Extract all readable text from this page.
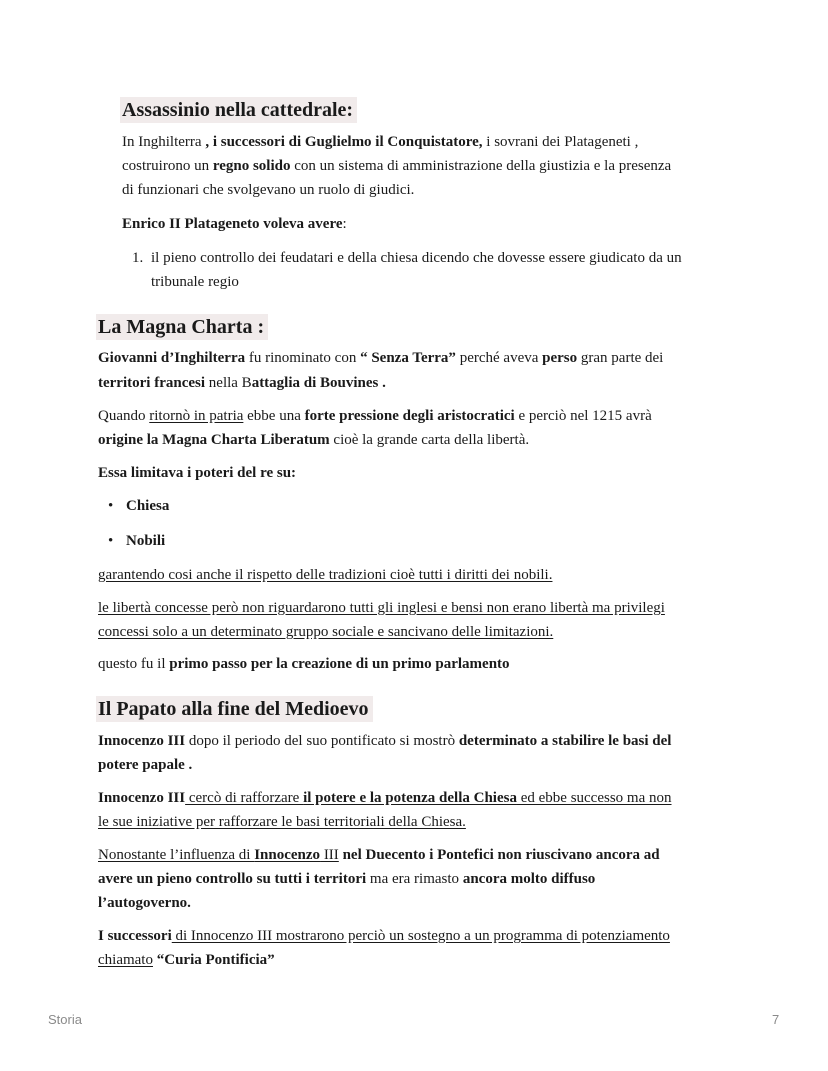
Assassinio nella cattedrale:

In Inghilterra , i successori di Guglielmo il Conquistatore, i sovrani dei Platageneti ,

costruirono un regno solido con un sistema di amministrazione della giustizia e la presenza

di funzionari che svolgevano un ruolo di giudici.

Enrico II Platageneto voleva avere:

1. il pieno controllo dei feudatari e della chiesa dicendo che dovesse essere giudicato da un

tribunale regio

La Magna Charta :

Giovanni d’Inghilterra fu rinominato con “ Senza Terra” perché aveva perso gran parte dei

territori francesi nella Battaglia di Bouvines .

Quando ritornò in patria ebbe una forte pressione degli aristocratici e perciò nel 1215 avrà

origine la Magna Charta Liberatum cioè la grande carta della libertà.

Essa limitava i poteri del re su:

• Chiesa

• Nobili

garantendo cosi anche il rispetto delle tradizioni cioè tutti i diritti dei nobili.

le libertà concesse però non riguardarono tutti gli inglesi e bensi non erano libertà ma privilegi

concessi solo a un determinato gruppo sociale e sancivano delle limitazioni.

questo fu il primo passo per la creazione di un primo parlamento

Il Papato alla fine del Medioevo

Innocenzo III dopo il periodo del suo pontificato si mostrò determinato a stabilire le basi del

potere papale .

Innocenzo III cercò di rafforzare il potere e la potenza della Chiesa ed ebbe successo ma non

le sue iniziative per rafforzare le basi territoriali della Chiesa.

Nonostante l’influenza di Innocenzo III nel Duecento i Pontefici non riuscivano ancora ad

avere un pieno controllo su tutti i territori ma era rimasto ancora molto diffuso

l’autogoverno.

I successori di Innocenzo III mostrarono perciò un sostegno a un programma di potenziamento

chiamato “Curia Pontificia”

Storia	7
